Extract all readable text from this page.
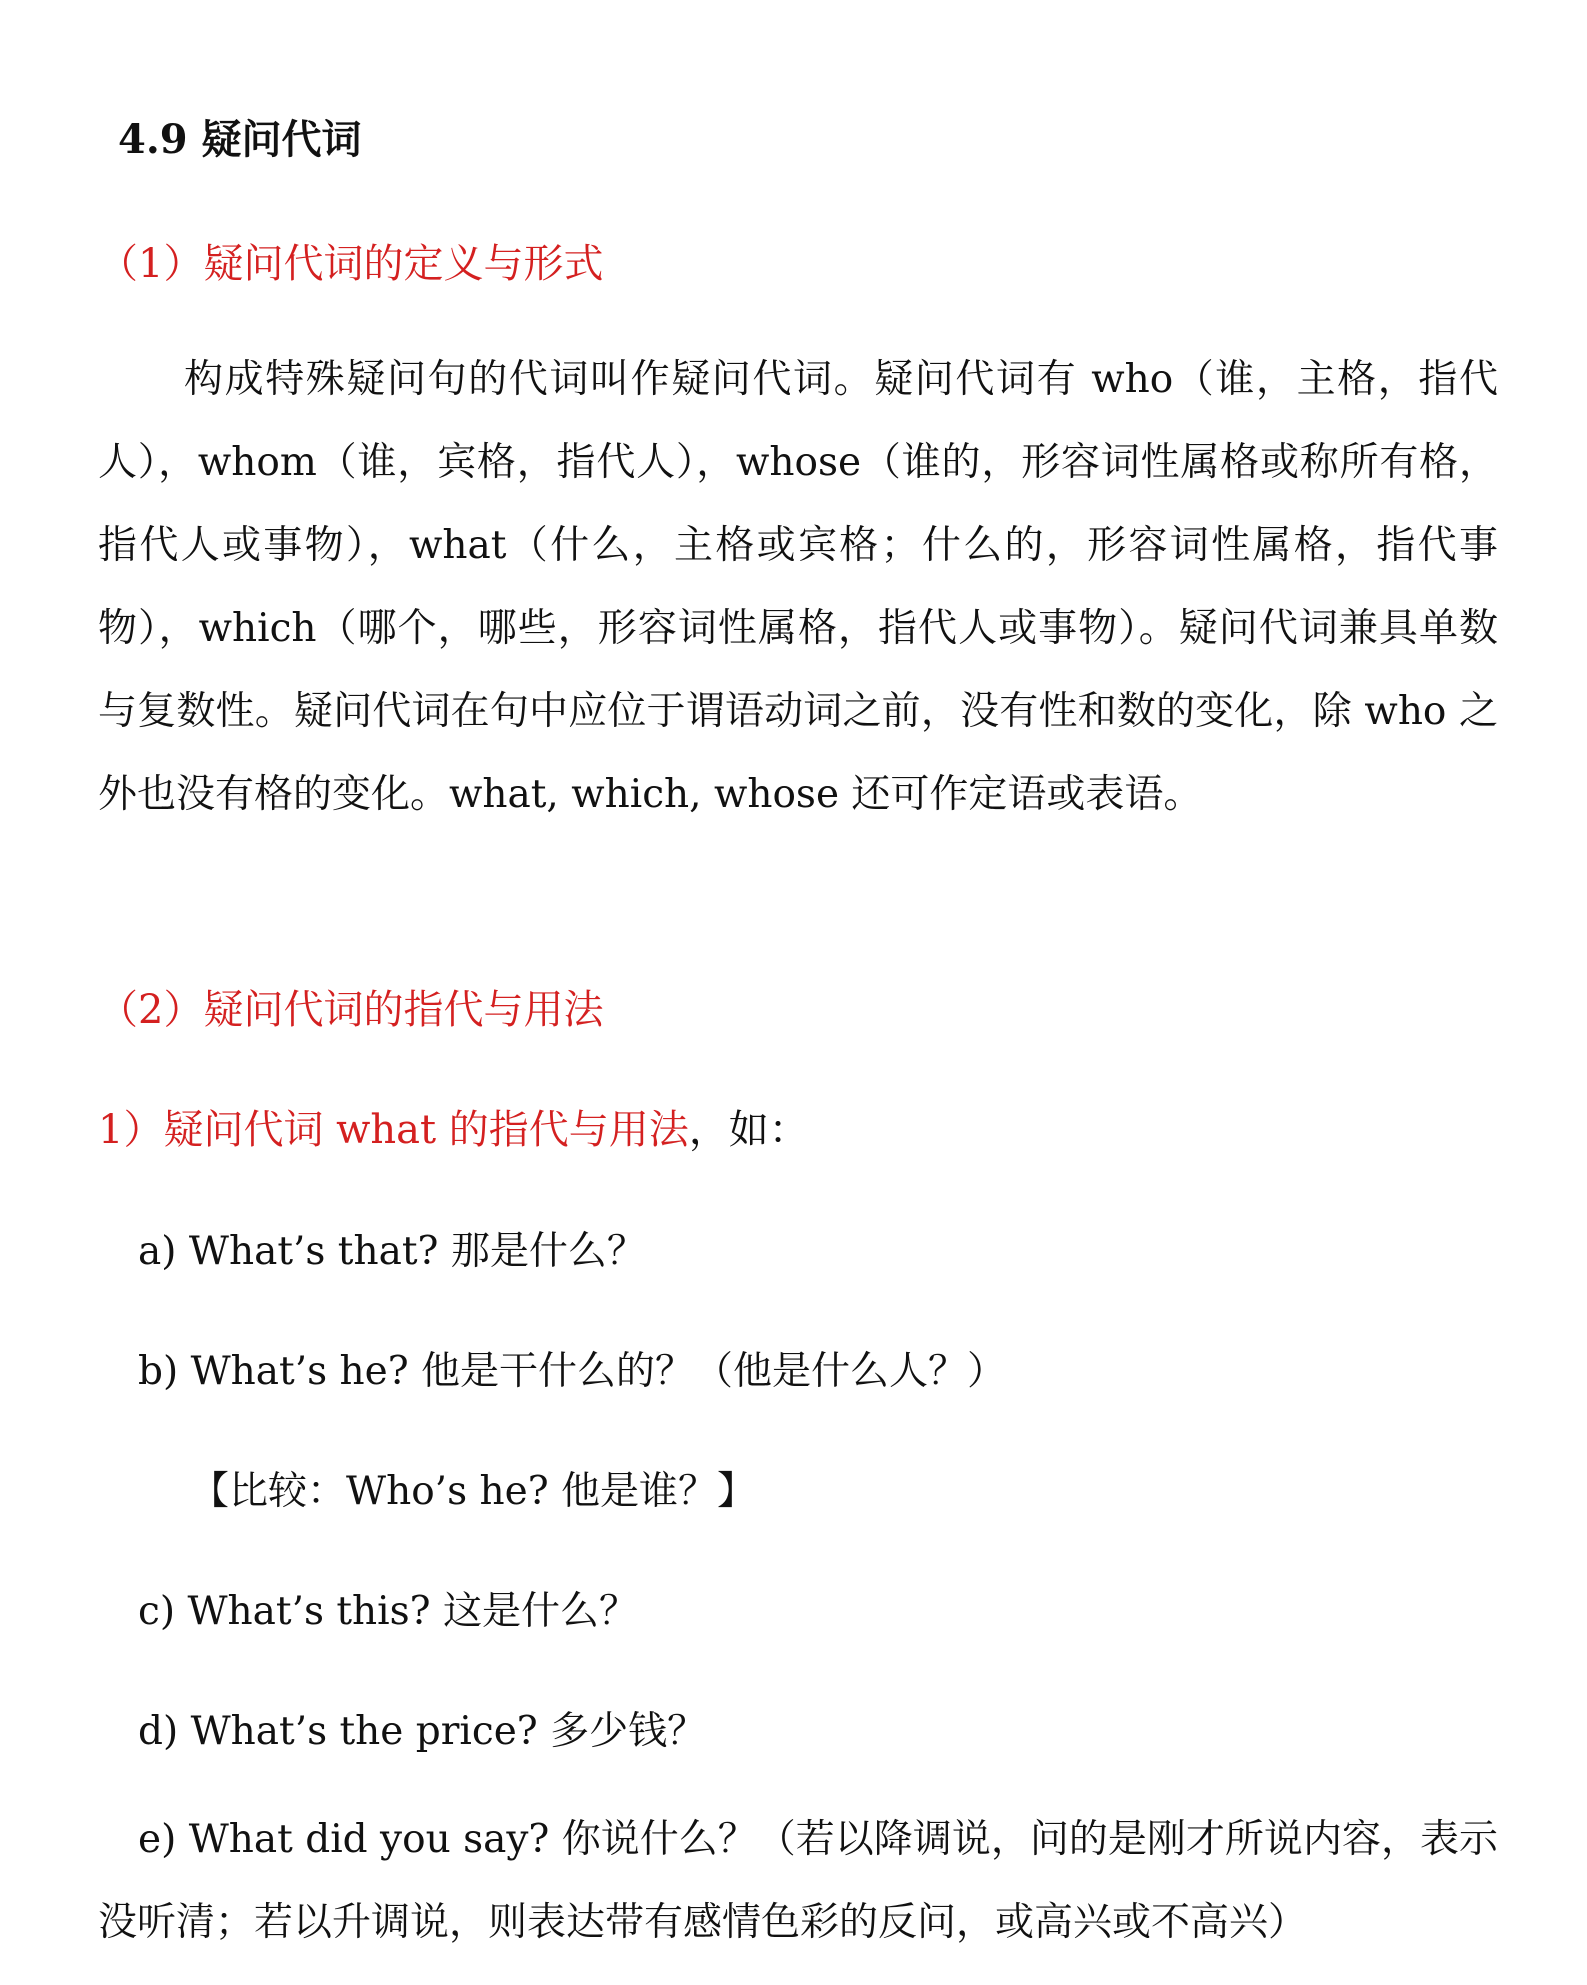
4.9 疑问代词
（1）疑问代词的定义与形式
构成特殊疑问句的代词叫作疑问代词。疑问代词有 who（谁，主格，指代人），whom（谁，宾格，指代人），whose（谁的，形容词性属格或称所有格，指代人或事物），what（什么，主格或宾格；什么的，形容词性属格，指代事物），which（哪个，哪些，形容词性属格，指代人或事物）。疑问代词兼具单数与复数性。疑问代词在句中应位于谓语动词之前，没有性和数的变化，除 who 之外也没有格的变化。what, which, whose 还可作定语或表语。
（2）疑问代词的指代与用法
1）疑问代词 what 的指代与用法，如：
a) What’s that? 那是什么？
b) What’s he? 他是干什么的？（他是什么人？）
【比较：Who’s he? 他是谁？】
c) What’s this? 这是什么？
d) What’s the price? 多少钱？
e) What did you say? 你说什么？（若以降调说，问的是刚才所说内容，表示没听清；若以升调说，则表达带有感情色彩的反问，或高兴或不高兴）
